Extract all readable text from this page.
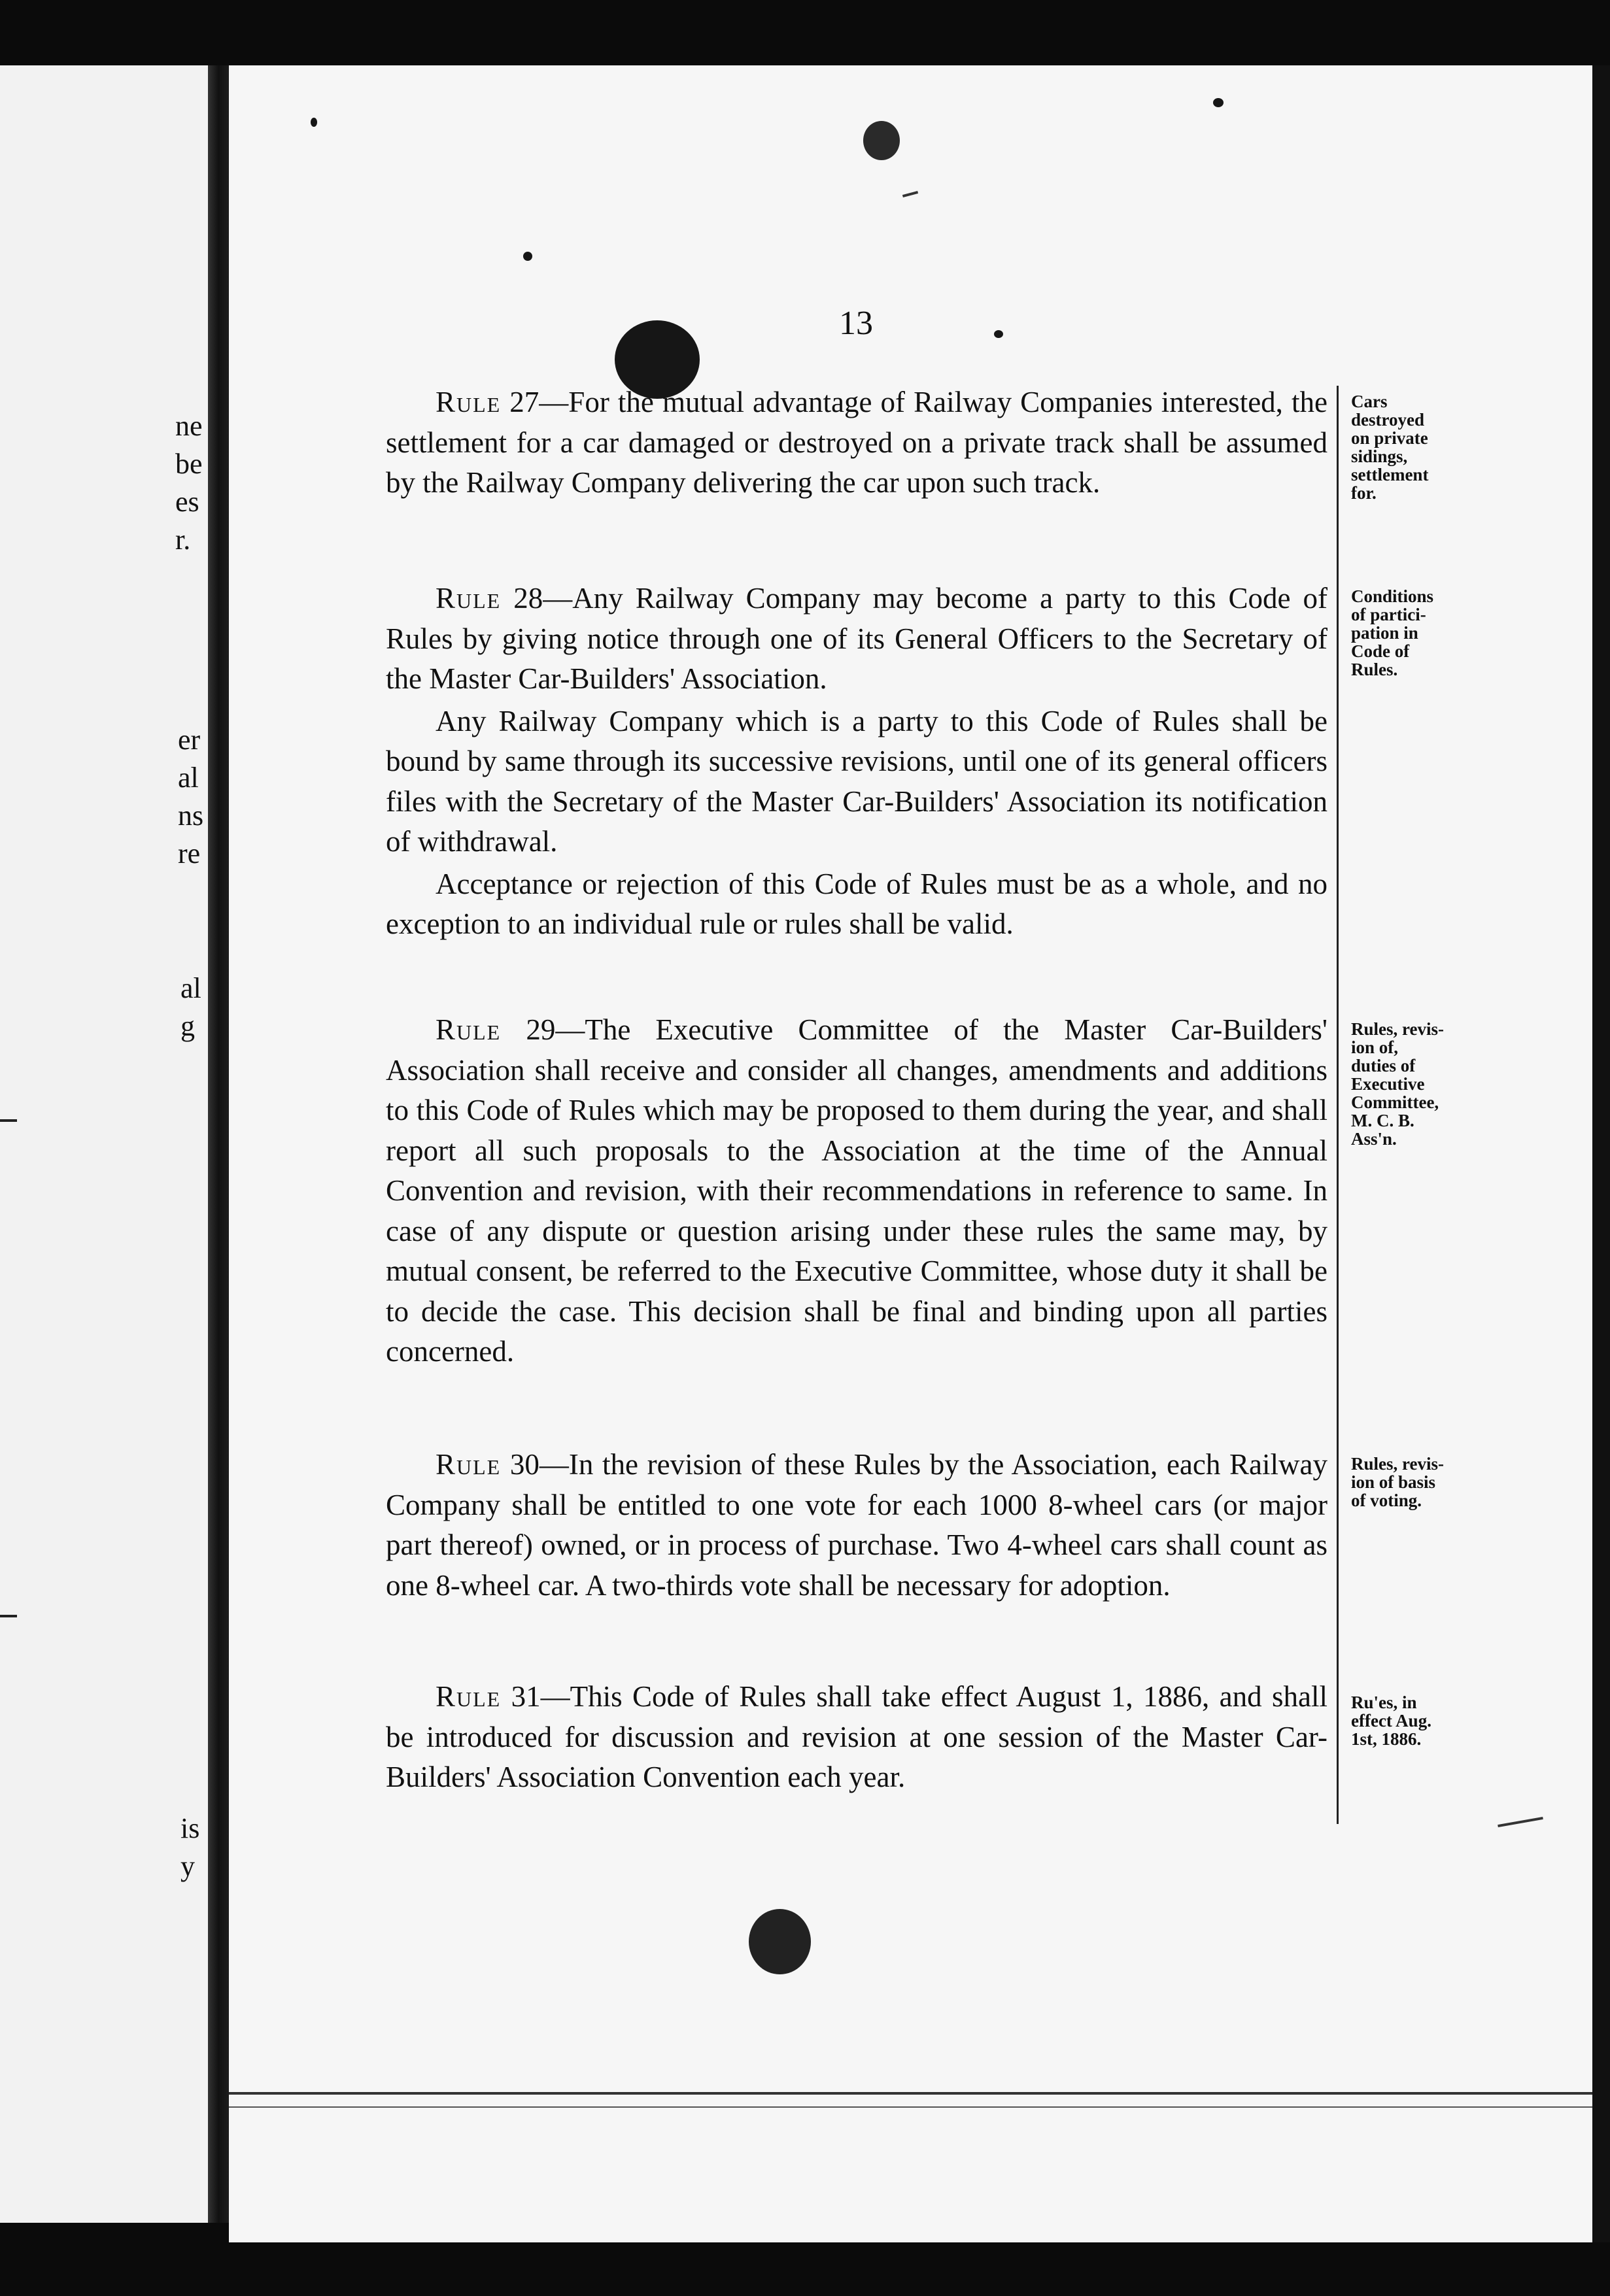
ne
be
es
r.
er
al
ns
re
al
g
is
y
13

Rule 27—For the mutual advantage of Railway Companies interested, the settlement for a car damaged or destroyed on a private track shall be assumed by the Railway Company delivering the car upon such track.

Rule 28—Any Railway Company may become a party to this Code of Rules by giving notice through one of its General Officers to the Secretary of the Master Car-Builders' Association.

Any Railway Company which is a party to this Code of Rules shall be bound by same through its successive revisions, until one of its general officers files with the Secretary of the Master Car-Builders' Association its notification of withdrawal.

Acceptance or rejection of this Code of Rules must be as a whole, and no exception to an individual rule or rules shall be valid.

Rule 29—The Executive Committee of the Master Car-Builders' Association shall receive and consider all changes, amendments and additions to this Code of Rules which may be proposed to them during the year, and shall report all such proposals to the Association at the time of the Annual Convention and revision, with their recommendations in reference to same. In case of any dispute or question arising under these rules the same may, by mutual consent, be referred to the Executive Committee, whose duty it shall be to decide the case. This decision shall be final and binding upon all parties concerned.

Rule 30—In the revision of these Rules by the Association, each Railway Company shall be entitled to one vote for each 1000 8-wheel cars (or major part thereof) owned, or in process of purchase. Two 4-wheel cars shall count as one 8-wheel car. A two-thirds vote shall be necessary for adoption.

Rule 31—This Code of Rules shall take effect August 1, 1886, and shall be introduced for discussion and revision at one session of the Master Car-Builders' Association Convention each year.

Cars
destroyed
on private
sidings,
settlement
for.
Conditions
of partici-
pation in
Code of
Rules.
Rules, revis-
ion of,
duties of
Executive
Committee,
M. C. B.
Ass'n.
Rules, revis-
ion of basis
of voting.
Ru'es, in
effect Aug.
1st, 1886.
